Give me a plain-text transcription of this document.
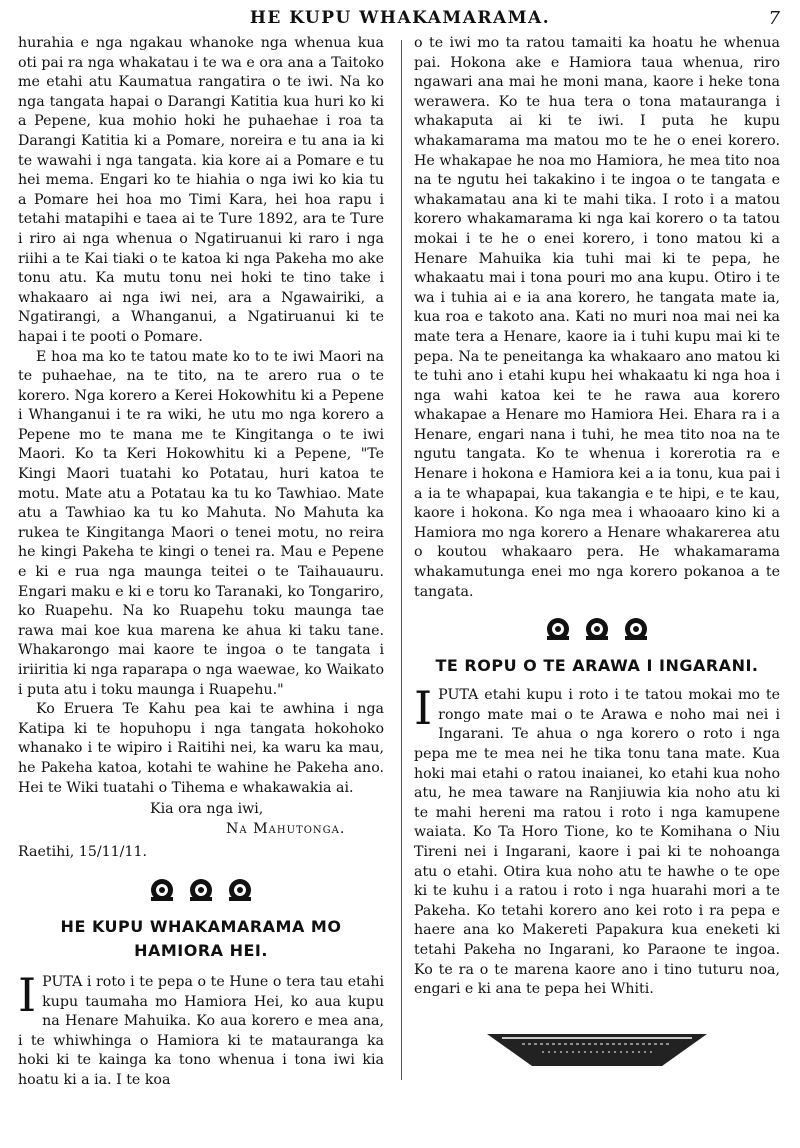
HE KUPU WHAKAMARAMA.	7

hurahia e nga ngakau whanoke nga whenua kua oti pai ra nga whakatau i te wa e ora ana a Taitoko me etahi atu Kaumatua rangatira o te iwi. Na ko nga tangata hapai o Darangi Katitia kua huri ko ki a Pepene, kua mohio hoki he puhaehae i roa ta Darangi Katitia ki a Pomare, noreira e tu ana ia ki te wawahi i nga tangata. kia kore ai a Pomare e tu hei mema. Engari ko te hiahia o nga iwi ko kia tu a Pomare hei hoa mo Timi Kara, hei hoa rapu i tetahi matapihi e taea ai te Ture 1892, ara te Ture i riro ai nga whenua o Ngatiruanui ki raro i nga riihi a te Kai tiaki o te katoa ki nga Pakeha mo ake tonu atu. Ka mutu tonu nei hoki te tino take i whakaaro ai nga iwi nei, ara a Ngawairiki, a Ngatirangi, a Whanganui, a Ngatiruanui ki te hapai i te pooti o Pomare.

E hoa ma ko te tatou mate ko to te iwi Maori na te puhaehae, na te tito, na te arero rua o te korero. Nga korero a Kerei Hokowhitu ki a Pepene i Whanganui i te ra wiki, he utu mo nga korero a Pepene mo te mana me te Kingitanga o te iwi Maori. Ko ta Keri Hokowhitu ki a Pepene, "Te Kingi Maori tuatahi ko Potatau, huri katoa te motu. Mate atu a Potatau ka tu ko Tawhiao. Mate atu a Tawhiao ka tu ko Mahuta. No Mahuta ka rukea te Kingitanga Maori o tenei motu, no reira he kingi Pakeha te kingi o tenei ra. Mau e Pepene e ki e rua nga maunga teitei o te Taihauauru. Engari maku e ki e toru ko Taranaki, ko Tongariro, ko Ruapehu. Na ko Ruapehu toku maunga tae rawa mai koe kua marena ke ahua ki taku tane. Whakarongo mai kaore te ingoa o te tangata i iriiritia ki nga raparapa o nga waewae, ko Waikato i puta atu i toku maunga i Ruapehu."

Ko Eruera Te Kahu pea kai te awhina i nga Katipa ki te hopuhopu i nga tangata hokohoko whanako i te wipiro i Raitihi nei, ka waru ka mau, he Pakeha katoa, kotahi te wahine he Pakeha ano. Hei te Wiki tuatahi o Tihema e whakawakia ai.

Kia ora nga iwi,
Na Mahutonga.
Raetihi, 15/11/11.

HE KUPU WHAKAMARAMA MO HAMIORA HEI.
I PUTA i roto i te pepa o te Hune o tera tau etahi kupu taumaha mo Hamiora Hei, ko aua kupu na Henare Mahuika. Ko aua korero e mea ana, i te whiwhinga o Hamiora ki te matauranga ka hoki ki te kainga ka tono whenua i tona iwi kia hoatu ki a ia. I te koa

o te iwi mo ta ratou tamaiti ka hoatu he whenua pai. Hokona ake e Hamiora taua whenua, riro ngawari ana mai he moni mana, kaore i heke tona werawera. Ko te hua tera o tona matauranga i whakaputa ai ki te iwi. I puta he kupu whakamarama ma matou mo te he o enei korero. He whakapae he noa mo Hamiora, he mea tito noa na te ngutu hei takakino i te ingoa o te tangata e whakamatau ana ki te mahi tika. I roto i a matou korero whakamarama ki nga kai korero o ta tatou mokai i te he o enei korero, i tono matou ki a Henare Mahuika kia tuhi mai ki te pepa, he whakaatu mai i tona pouri mo ana kupu. Otiro i te wa i tuhia ai e ia ana korero, he tangata mate ia, kua roa e takoto ana. Kati no muri noa mai nei ka mate tera a Henare, kaore ia i tuhi kupu mai ki te pepa. Na te peneitanga ka whakaaro ano matou ki te tuhi ano i etahi kupu hei whakaatu ki nga hoa i nga wahi katoa kei te he rawa aua korero whakapae a Henare mo Hamiora Hei. Ehara ra i a Henare, engari nana i tuhi, he mea tito noa na te ngutu tangata. Ko te whenua i korerotia ra e Henare i hokona e Hamiora kei a ia tonu, kua pai i a ia te whapapai, kua takangia e te hipi, e te kau, kaore i hokona. Ko nga mea i whaoaaro kino ki a Hamiora mo nga korero a Henare whakarerea atu o koutou whakaaro pera. He whakamarama whakamutunga enei mo nga korero pokanoa a te tangata.

TE ROPU O TE ARAWA I INGARANI.
I PUTA etahi kupu i roto i te tatou mokai mo te rongo mate mai o te Arawa e noho mai nei i Ingarani. Te ahua o nga korero o roto i nga pepa me te mea nei he tika tonu tana mate. Kua hoki mai etahi o ratou inaianei, ko etahi kua noho atu, he mea taware na Ranjiuwia kia noho atu ki te mahi hereni ma ratou i roto i nga kamupene waiata. Ko Ta Horo Tione, ko te Komihana o Niu Tireni nei i Ingarani, kaore i pai ki te nohoanga atu o etahi. Otira kua noho atu te hawhe o te ope ki te kuhu i a ratou i roto i nga huarahi mori a te Pakeha. Ko tetahi korero ano kei roto i ra pepa e haere ana ko Makereti Papakura kua eneketi ki tetahi Pakeha no Ingarani, ko Paraone te ingoa. Ko te ra o te marena kaore ano i tino tuturu noa, engari e ki ana te pepa hei Whiti.
